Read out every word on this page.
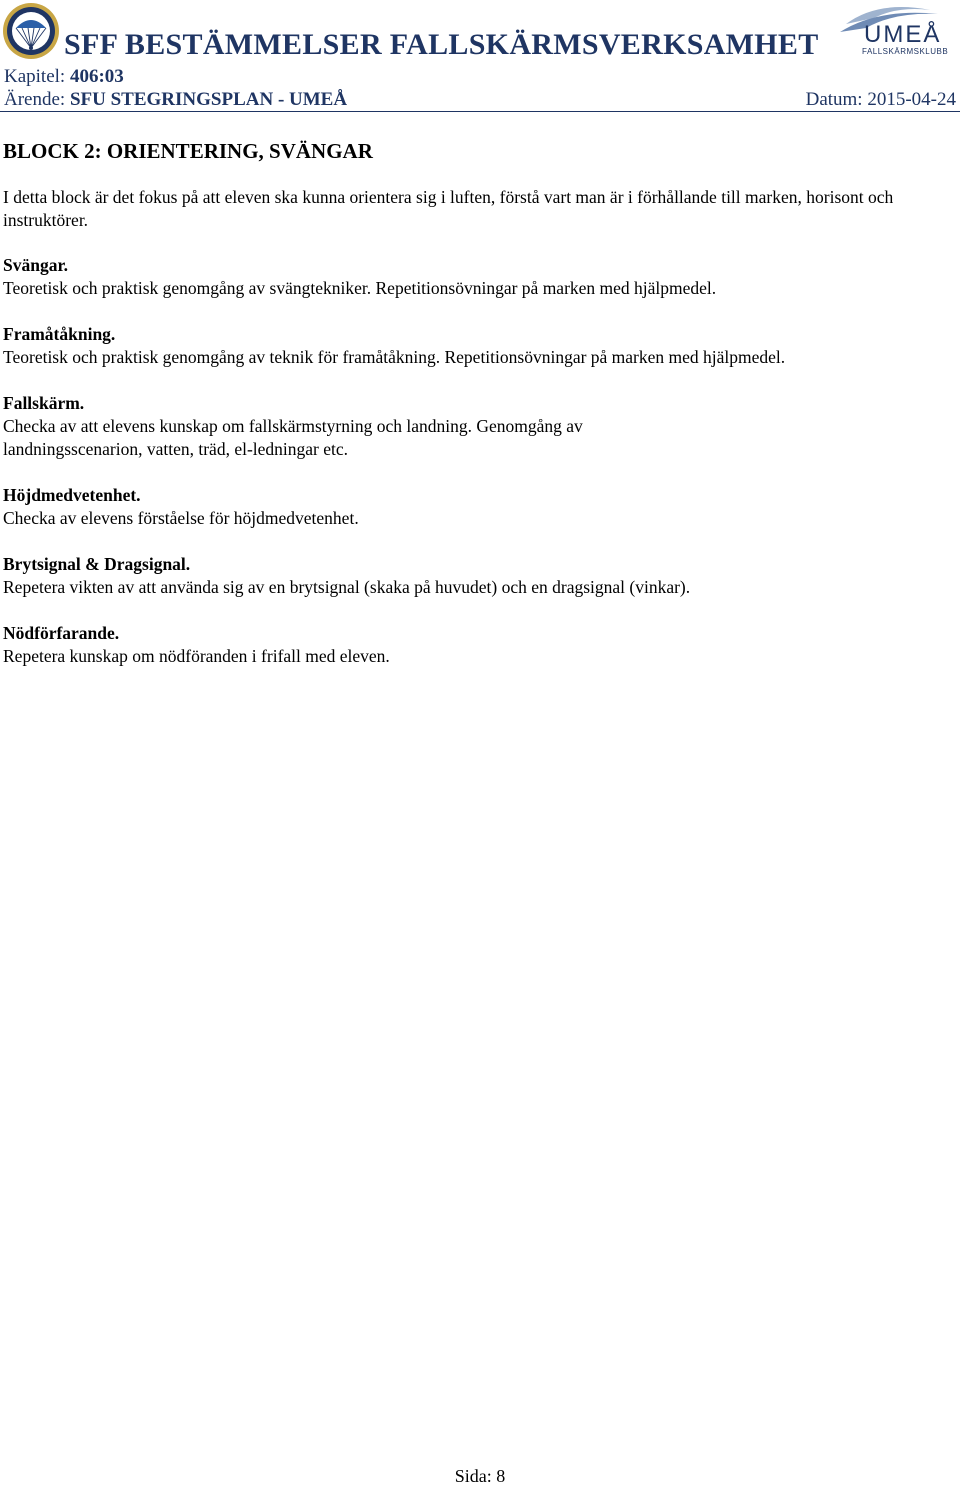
SFF BESTÄMMELSER FALLSKÄRMSVERKSAMHET UMEÅ
FALLSKÄRMSKLUBB
Kapitel: 406:03
Ärende: SFU STEGRINGSPLAN - UMEÅ	Datum: 2015-04-24
BLOCK 2: ORIENTERING, SVÄNGAR
I detta block är det fokus på att eleven ska kunna orientera sig i luften, förstå vart man är i förhållande till marken, horisont och instruktörer.
Svängar.
Teoretisk och praktisk genomgång av svängtekniker. Repetitionsövningar på marken med hjälpmedel.
Framåtåkning.
Teoretisk och praktisk genomgång av teknik för framåtåkning. Repetitionsövningar på marken med hjälpmedel.
Fallskärm.
Checka av att elevens kunskap om fallskärmstyrning och landning. Genomgång av landningsscenarion, vatten, träd, el-ledningar etc.
Höjdmedvetenhet.
Checka av elevens förståelse för höjdmedvetenhet.
Brytsignal & Dragsignal.
Repetera vikten av att använda sig av en brytsignal (skaka på huvudet) och en dragsignal (vinkar).
Nödförfarande.
Repetera kunskap om nödföranden i frifall med eleven.
Sida: 8
